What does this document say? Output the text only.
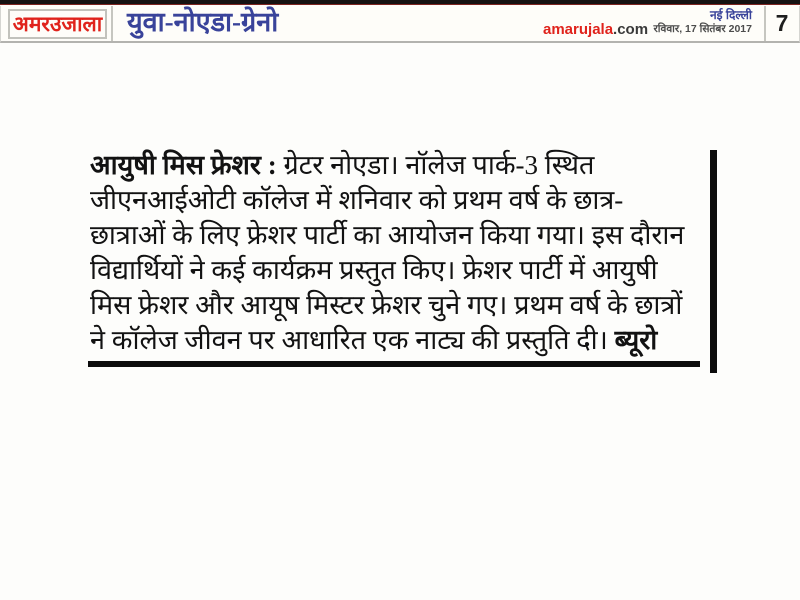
अमरउजाला युवा-नोएडा-ग्रेनो	amarujala.com
नई दिल्ली
रविवार, 17 सितंबर 2017	7
आयुषी मिस फ्रेशर : ग्रेटर नोएडा। नॉलेज पार्क-3 स्थित
जीएनआईओटी कॉलेज में शनिवार को प्रथम वर्ष के छात्र-
छात्राओं के लिए फ्रेशर पार्टी का आयोजन किया गया। इस दौरान
विद्यार्थियों ने कई कार्यक्रम प्रस्तुत किए। फ्रेशर पार्टी में आयुषी
मिस फ्रेशर और आयूष मिस्टर फ्रेशर चुने गए। प्रथम वर्ष के छात्रों
ने कॉलेज जीवन पर आधारित एक नाट्य की प्रस्तुति दी। ब्यूरो
